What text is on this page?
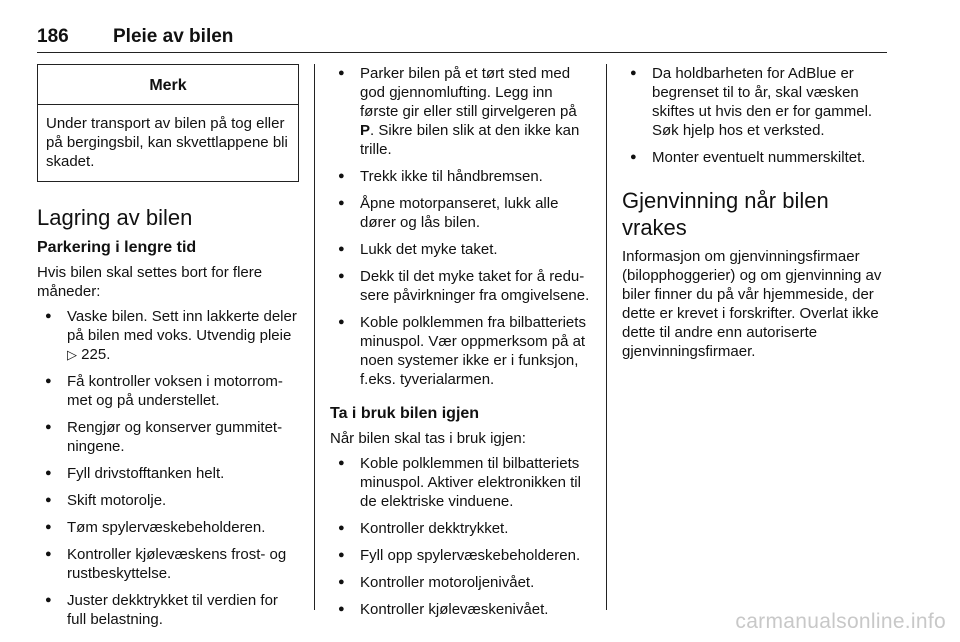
186 Pleie av bilen
Merk
Under transport av bilen på tog eller på bergingsbil, kan skvettlappene bli skadet.
Lagring av bilen
Parkering i lengre tid

Hvis bilen skal settes bort for flere måneder:

● Vaske bilen. Sett inn lakkerte deler på bilen med voks. Utvendig pleie ▷ 225.
● Få kontroller voksen i motorrommet og på understellet.
● Rengjør og konserver gummitetningene.
● Fyll drivstofftanken helt.
● Skift motorolje.
● Tøm spylervæskebeholderen.
● Kontroller kjølevæskens frost- og rustbeskyttelse.
● Juster dekktrykket til verdien for full belastning.
● Parker bilen på et tørt sted med god gjennomlufting. Legg inn første gir eller still girvelgeren på P. Sikre bilen slik at den ikke kan trille.
● Trekk ikke til håndbremsen.
● Åpne motorpanseret, lukk alle dører og lås bilen.
● Lukk det myke taket.
● Dekk til det myke taket for å redusere påvirkninger fra omgivelsene.
● Koble polklemmen fra bilbatteriets minuspol. Vær oppmerksom på at noen systemer ikke er i funksjon, f.eks. tyverialarmen.
Ta i bruk bilen igjen

Når bilen skal tas i bruk igjen:

● Koble polklemmen til bilbatteriets minuspol. Aktiver elektronikken til de elektriske vinduene.
● Kontroller dekktrykket.
● Fyll opp spylervæskebeholderen.
● Kontroller motoroljenivået.
● Kontroller kjølevæskenivået.
● Da holdbarheten for AdBlue er begrenset til to år, skal væsken skiftes ut hvis den er for gammel. Søk hjelp hos et verksted.
● Monter eventuelt nummerskiltet.
Gjenvinning når bilen vrakes

Informasjon om gjenvinningsfirmaer (bilopphoggerier) og om gjenvinning av biler finner du på vår hjemmeside, der dette er krevet i forskrifter. Overlat ikke dette til andre enn autoriserte gjenvinningsfirmaer.

carmanualsonline.info
